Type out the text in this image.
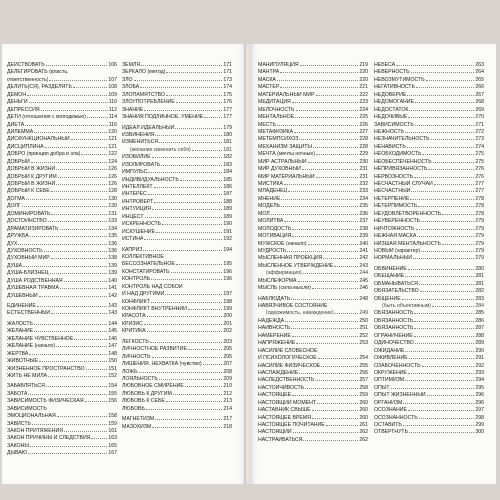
ДЕЙСТВОВАТЬ	106
ДЕЛЕГИРОВАТЬ (власть,
ответственность)	107
ДЕЛИТЬ(СЯ), РАЗДЕЛЯТЬ	108
ДЕМОН	109
ДЕНЬГИ	110
ДЕПРЕССИЯ	112
ДЕТИ (отношения с молодежью)	114
ДИЕТА	116
ДИЛЕММА	120
ДИСФУНКЦИОНАЛЬНЫЙ	121
ДИСЦИПЛИНА	121
ДОБРО (принцип добра и зла)	122
ДОБРЫЙ	124
ДОБРЫЙ В ЖИЗНИ	126
ДОБРЫЙ К ДРУГИМ	126
ДОБРЫЙ В ЖИЗНИ	126
ДОБРЫЙ К СЕБЕ	128
ДОГМА	130
ДОЛГ	130
ДОМИНИРОВАТЬ	131
ДОСТОИНСТВО	133
ДРАМАТИЗИРОВАТЬ	134
ДРУЖБА	135
ДУХ	136
ДУХОВНОСТЬ	136
ДУХОВНЫЙ МИР	138
ДУША	139
ДУША-БЛИЗНЕЦ	139
ДУША РОДСТВЕННАЯ	140
ДУШЕВНАЯ ТРАВМА	141
ДУШЕВНЫЙ	142
ЕДИНЕНИЕ	143
ЕСТЕСТВЕННЫЙ	143
ЖАЛОСТЬ	144
ЖЕЛАНИЕ	145
ЖЕЛАНИЕ ЧУВСТВЕННОЕ	146
ЖЕЛАНИЕ (начало)	147
ЖЕРТВА	148
ЖИВОТНЫЕ	150
ЖИЗНЕННОЕ ПРОСТРАНСТВО	151
ЖИТЬ НЕ МИЛА	152
ЗАБАВЛЯТЬСЯ	154
ЗАБОТА	155
ЗАВИСИМОСТЬ ФИЗИЧЕСКАЯ	156
ЗАВИСИМОСТЬ
ЭМОЦИОНАЛЬНАЯ	158
ЗАВИСТЬ	159
ЗАКОН ПРИТЯЖЕНИЯ	161
ЗАКОН ПРИЧИНЫ И СЛЕДСТВИЯ	163
ЗАКОНЫ	165
ДЫВАЮ	167
ЗЕМЛЯ	171
ЗЕРКАЛО (метод)	171
ЗЛО	173
ЗЛОБА	174
ЗЛОПАМЯТСТВО	175
ЗЛОУПОТРЕБЛЕНИЕ	176
ЗНАНИЕ	177
ЗНАНИЯ ПОДЛИННОЕ, УМЕНИЕ	177
ИДЕАЛ ИДЕАЛЬНЫЙ	179
ИЗВИНЕНИЯ	180
ИЗМЕНИТЬСЯ	181
(желание изменить себя)	181
ИЗОБИЛИЕ	182
ИЗОЛИРОВАТЬ	183
ИМПУЛЬС	184
ИНДИВИДУАЛЬНОСТЬ	185
ИНТЕЛЛЕКТ	186
ИНТЕРЕС	187
ИНТРОВЕРТ	188
ИНТУИЦИЯ	189
ИНЦЕСТ	189
ИСКРЕННОСТЬ	190
ИСКУШЕНИЕ	191
ИСТИНА	192
КАПРИЗ	194
КОЛЛЕКТИВНОЕ
БЕССОЗНАТЕЛЬНОЕ	195
КОНСТАТИРОВАТЬ	196
КОНТРОЛЬ	196
КОНТРОЛЬ НАД СОБОЙ
И НАД ДРУГИМИ	197
КОНФЛИКТ	198
КОНФЛИКТ ВНУТРЕННИЙ	199
КРАСОТА	200
КРИЗИС	201
КРИТИКА	202
ЛЕГКОСТЬ	203
ЛИЧНОСТНОЕ РАЗВИТИЕ	205
ЛИЧНОСТЬ	205
ЛИШЕНИЯ, НЕХВАТКА (чувство)	207
ЛОЖЬ	208
ЛОЯЛЬНОСТЬ	209
ЛЮБОВНОЕ СМИРЕНИЕ	210
ЛЮБОВЬ К ДРУГИМ	212
ЛЮБОВЬ К СЕБЕ	213
ЛЮБОВЬ	214
МАГНЕТИЗМ	217
МАЗОХИЗМ	218
МАНИПУЛЯЦИЯ	219
МАНТРА	220
МАСКА	220
МАСТЕР	221
МАТЕРИАЛЬНЫЙ МИР	222
МЕДИТАЦИЯ	223
МЕЛОЧНОСТЬ	224
МЕНТАЛЬНОЕ	225
МЕСТЬ	226
МЕТАФИЗИКА	227
МЕТЕМПСИХОЗ	228
МЕХАНИЗМ ЗАЩИТЫ	228
МЕЧТА (мечты ночные)	229
МИР АСТРАЛЬНЫЙ	230
МИР ДУХОВНЫЙ	231
МИР МАТЕРИАЛЬНЫЙ	231
МИСТИКА	232
МЛАДЕНЕЦ	233
МНЕНИЕ	234
МОДЕЛЬ	235
МОЛ	236
МОЛИТВА	237
МОЛОДОСТЬ	238
МОТИВАЦИЯ	239
МУЖСКОЕ (начало)	240
МУДРОСТЬ	241
МЫСЛЕННАЯ ПРОЕКЦИЯ	242
МЫСЛЕННОЕ УТВЕРЖДЕНИЕ	243
(аффирмация)	244
МЫСЛЕФОРМА	245
МЫСЛЬ (сила мысли)	246
НАБЛЮДАТЬ	248
НАВЯЗЧИВОЕ СОСТОЯНИЕ
(одержимость, наваждение)	249
НАДЕЖДА	250
НАИВНОСТЬ	251
НАМЕРЕНИЕ	252
НАПРЯЖЕНИЕ	253
НАСИЛИЕ СЛОВЕСНОЕ
И ПСИХОЛОГИЧЕСКОЕ	254
НАСИЛИЕ ФИЗИЧЕСКОЕ	255
НАСЛАЖДЕНИЕ	256
НАСЛЕДСТВЕННОСТЬ	257
НАСТОЙЧИВОСТЬ	258
НАСТОЯЩЕЕ	259
НАСТОЯЩИЙ МОМЕНТ	260
НАСТАВНИК СВЫШЕ	260
НАСТОЯЩЕЕ ВРЕМЯ	260
НАСТОЯЩЕЕ ПОЧИТАНИЕ	261
НАСТОЯЩИЙ	262
НАСТРАИВАТЬСЯ	262
НЕБЕСА	263
НЕВЕРНОСТЬ	264
НЕВОЗМУТИМОСТЬ	265
НЕГАТИВНОСТЬ	266
НЕДОВЕРИЕ	267
НЕДОМОГАНИЕ	268
НЕДОСТАТОК	269
НЕДОЧИВЫЕ	270
ЗАВИСИМОСТЬ	271
НЕЖНОСТЬ	272
НЕЗНАЧИТЕЛЬНОСТЬ	273
НЕНАВИСТЬ	274
НЕОБХОДИМОСТЬ	275
НЕОБЕСПЕЧЕННОСТЬ	275
НЕПРИВЯЗАННОСТЬ	276
НЕРВОЗНОСТЬ	276
НЕСЧАСТНЫЙ СЛУЧАЙ	277
НЕСЧАСТНЫЙ	277
НЕТЕРПЕНИЕ	278
НЕТЕРПИМОСТЬ	278
НЕУДОВЛЕТВОРЕННОСТЬ	278
НЕУВЕРЕННОСТЬ	279
НИЧТОЖНОСТЬ	279
НЕЖНАЯ МАСКА	279
НИЗШАЯ МЕНТАЛЬНОСТЬ	279
НОВЫЙ (характер)	279
НОРМАЛЬНЫЙ	279
ОБВИНЕНИЕ	280
ОБЕЩАНИЕ	281
ОБМАНЫВАТЬСЯ	281
ОБЯЗАТЕЛЬСТВО	282
ОБЩЕНИЕ	283
(быть объективным)	284
ОБЯЗАННОСТЬ	285
ОБЯЗАННОСТЬ	286
ОБЯЗАННОСТЬ	287
ОГРАНИЧЕНИЕ	288
ОДИНОЧЕСТВО	289
ОЖИДАНИЕ	290
ОЖИВЛЕНИЕ	291
ОЗАБОЧЕННОСТЬ	292
ОКРУЖЕНИЕ	293
ОПТИМИЗМ	294
ОПЫТ	295
ОПЫТ ЖИЗНЕННЫЙ	296
ОРГАНИЗМ	296
ОСОЗНАНИЕ	297
ОСОЗНАННОСТЬ	298
ОСТАВИТЬ	299
ОТВЕРГНУТЬ	300
